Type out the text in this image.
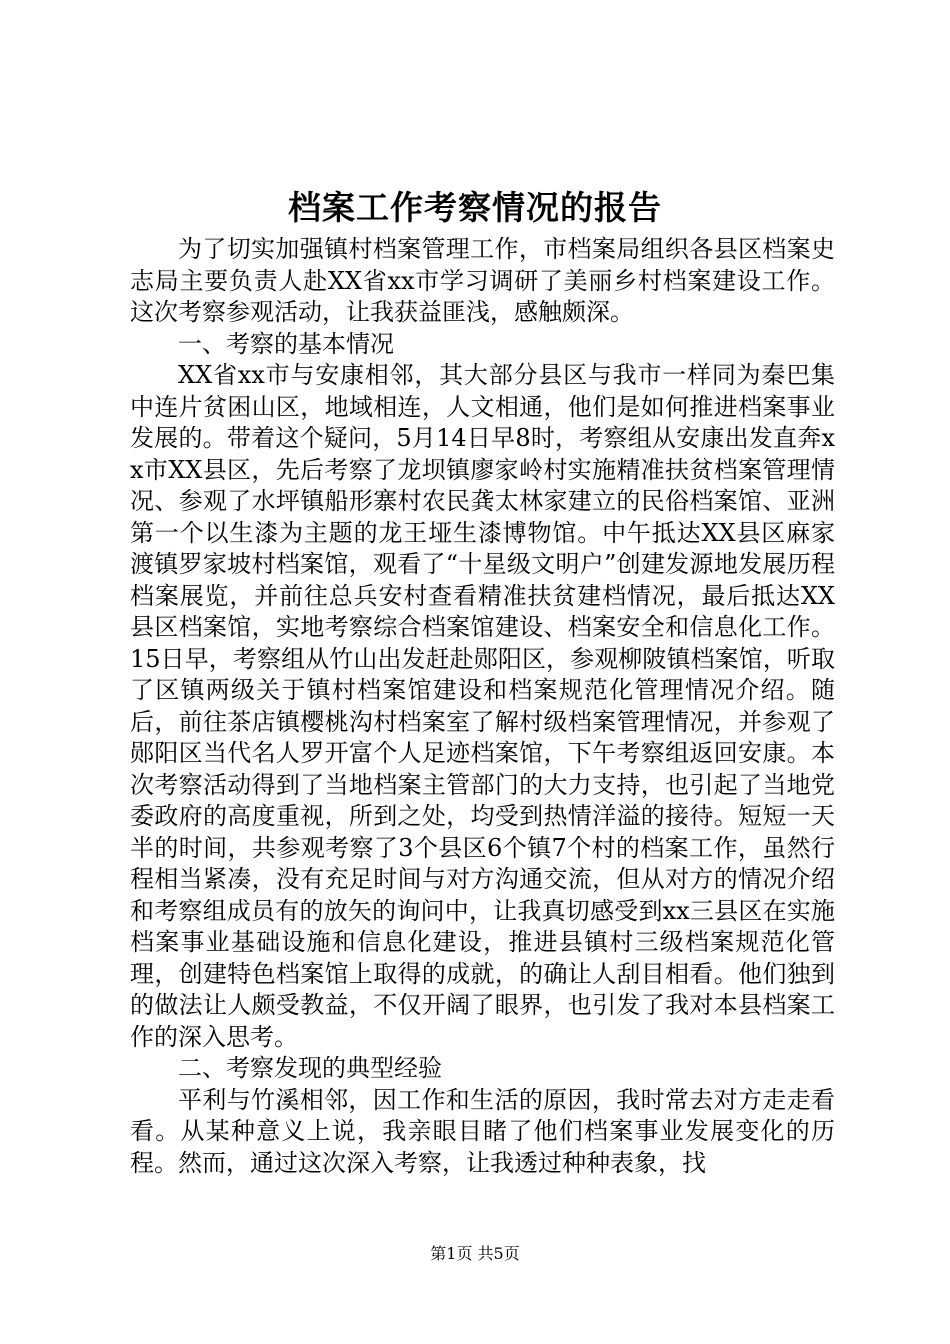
档案工作考察情况的报告

为了切实加强镇村档案管理工作，市档案局组织各县区档案史志局主要负责人赴XX省xx市学习调研了美丽乡村档案建设工作。这次考察参观活动，让我获益匪浅，感触颇深。

一、考察的基本情况

XX省xx市与安康相邻，其大部分县区与我市一样同为秦巴集中连片贫困山区，地域相连，人文相通，他们是如何推进档案事业发展的。带着这个疑问，5月14日早8时，考察组从安康出发直奔xx市XX县区，先后考察了龙坝镇廖家岭村实施精准扶贫档案管理情况、参观了水坪镇船形寨村农民龚太林家建立的民俗档案馆、亚洲第一个以生漆为主题的龙王垭生漆博物馆。中午抵达XX县区麻家渡镇罗家坡村档案馆，观看了“十星级文明户”创建发源地发展历程档案展览，并前往总兵安村查看精准扶贫建档情况，最后抵达XX县区档案馆，实地考察综合档案馆建设、档案安全和信息化工作。15日早，考察组从竹山出发赶赴郧阳区，参观柳陂镇档案馆，听取了区镇两级关于镇村档案馆建设和档案规范化管理情况介绍。随后，前往茶店镇樱桃沟村档案室了解村级档案管理情况，并参观了郧阳区当代名人罗开富个人足迹档案馆，下午考察组返回安康。本次考察活动得到了当地档案主管部门的大力支持，也引起了当地党委政府的高度重视，所到之处，均受到热情洋溢的接待。短短一天半的时间，共参观考察了3个县区6个镇7个村的档案工作，虽然行程相当紧凑，没有充足时间与对方沟通交流，但从对方的情况介绍和考察组成员有的放矢的询问中，让我真切感受到xx三县区在实施档案事业基础设施和信息化建设，推进县镇村三级档案规范化管理，创建特色档案馆上取得的成就，的确让人刮目相看。他们独到的做法让人颇受教益，不仅开阔了眼界，也引发了我对本县档案工作的深入思考。

二、考察发现的典型经验

平利与竹溪相邻，因工作和生活的原因，我时常去对方走走看看。从某种意义上说，我亲眼目睹了他们档案事业发展变化的历程。然而，通过这次深入考察，让我透过种种表象，找

第1页 共5页
